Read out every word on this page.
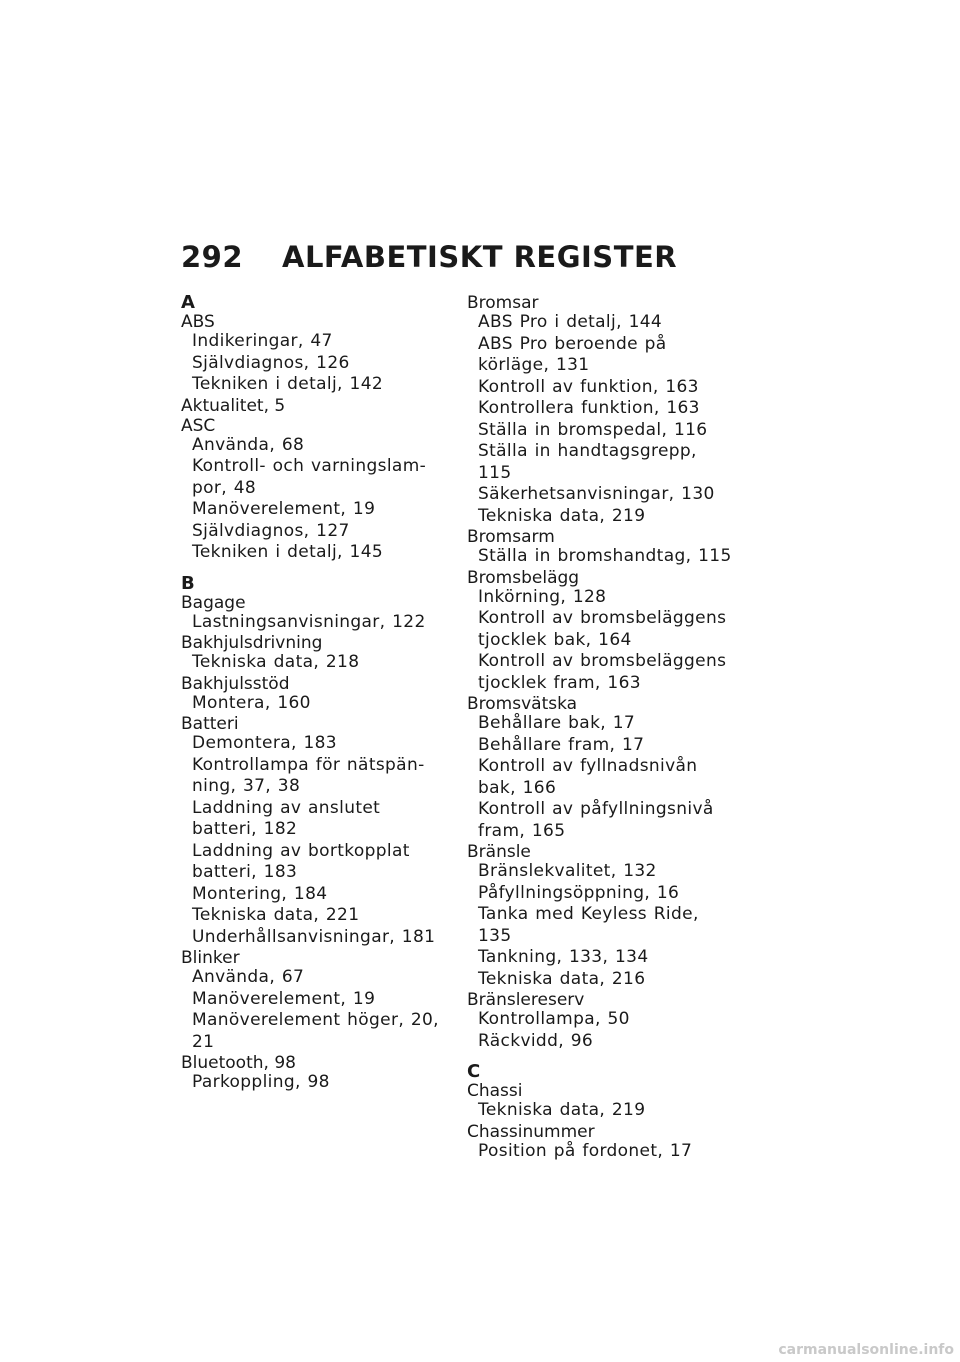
292 ALFABETISKT REGISTER
A
ABS
Indikeringar, 47
Självdiagnos, 126
Tekniken i detalj, 142
Aktualitet, 5
ASC
Använda, 68
Kontroll- och varningslam-
por, 48
Manöverelement, 19
Självdiagnos, 127
Tekniken i detalj, 145
B
Bagage
Lastningsanvisningar, 122
Bakhjulsdrivning
Tekniska data, 218
Bakhjulsstöd
Montera, 160
Batteri
Demontera, 183
Kontrollampa för nätspän-
ning, 37, 38
Laddning av anslutet
batteri, 182
Laddning av bortkopplat
batteri, 183
Montering, 184
Tekniska data, 221
Underhållsanvisningar, 181
Blinker
Använda, 67
Manöverelement, 19
Manöverelement höger, 20,
21
Bluetooth, 98
Parkoppling, 98
Bromsar
ABS Pro i detalj, 144
ABS Pro beroende på
körläge, 131
Kontroll av funktion, 163
Kontrollera funktion, 163
Ställa in bromspedal, 116
Ställa in handtagsgrepp, 115
Säkerhetsanvisningar, 130
Tekniska data, 219
Bromsarm
Ställa in bromshandtag, 115
Bromsbelägg
Inkörning, 128
Kontroll av bromsbeläggens
tjocklek bak, 164
Kontroll av bromsbeläggens
tjocklek fram, 163
Bromsvätska
Behållare bak, 17
Behållare fram, 17
Kontroll av fyllnadsnivån
bak, 166
Kontroll av påfyllningsnivå
fram, 165
Bränsle
Bränslekvalitet, 132
Påfyllningsöppning, 16
Tanka med Keyless Ride, 135
Tankning, 133, 134
Tekniska data, 216
Bränslereserv
Kontrollampa, 50
Räckvidd, 96
C
Chassi
Tekniska data, 219
Chassinummer
Position på fordonet, 17
carmanualsonline.info
